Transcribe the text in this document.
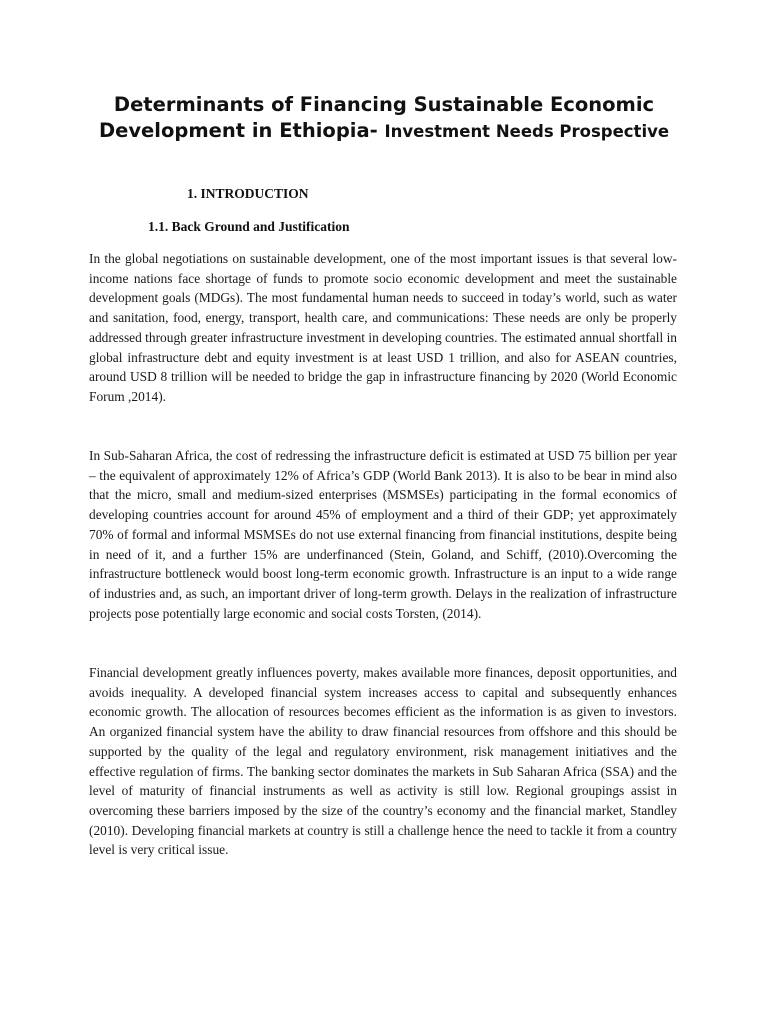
Determinants of Financing Sustainable Economic Development in Ethiopia- Investment Needs Prospective
1. INTRODUCTION
1.1. Back Ground and Justification

In the global negotiations on sustainable development, one of the most important issues is that several low-income nations face shortage of funds to promote socio economic development and meet the sustainable development goals (MDGs). The most fundamental human needs to succeed in today’s world, such as water and sanitation, food, energy, transport, health care, and communications: These needs are only be properly addressed through greater infrastructure investment in developing countries. The estimated annual shortfall in global infrastructure debt and equity investment is at least USD 1 trillion, and also for ASEAN countries, around USD 8 trillion will be needed to bridge the gap in infrastructure financing by 2020 (World Economic Forum ,2014).

In Sub-Saharan Africa, the cost of redressing the infrastructure deficit is estimated at USD 75 billion per year – the equivalent of approximately 12% of Africa’s GDP (World Bank 2013). It is also to be bear in mind also that the micro, small and medium-sized enterprises (MSMSEs) participating in the formal economics of developing countries account for around 45% of employment and a third of their GDP; yet approximately 70% of formal and informal MSMSEs do not use external financing from financial institutions, despite being in need of it, and a further 15% are underfinanced (Stein, Goland, and Schiff, (2010).Overcoming the infrastructure bottleneck would boost long-term economic growth. Infrastructure is an input to a wide range of industries and, as such, an important driver of long-term growth. Delays in the realization of infrastructure projects pose potentially large economic and social costs Torsten, (2014).

Financial development greatly influences poverty, makes available more finances, deposit opportunities, and avoids inequality. A developed financial system increases access to capital and subsequently enhances economic growth. The allocation of resources becomes efficient as the information is as given to investors. An organized financial system have the ability to draw financial resources from offshore and this should be supported by the quality of the legal and regulatory environment, risk management initiatives and the effective regulation of firms. The banking sector dominates the markets in Sub Saharan Africa (SSA) and the level of maturity of financial instruments as well as activity is still low. Regional groupings assist in overcoming these barriers imposed by the size of the country’s economy and the financial market, Standley (2010). Developing financial markets at country is still a challenge hence the need to tackle it from a country level is very critical issue.
